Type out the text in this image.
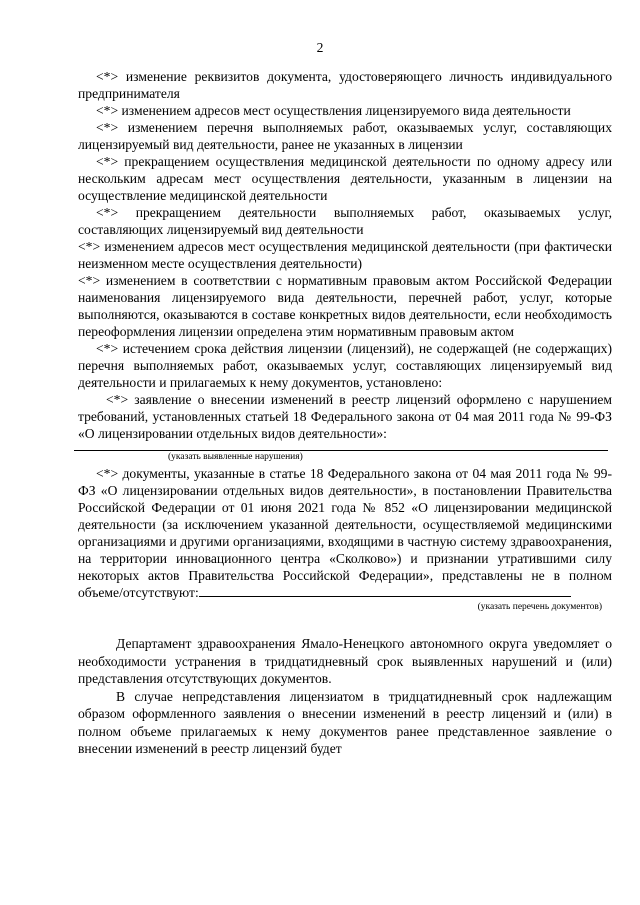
2

<*> изменение реквизитов документа, удостоверяющего личность индивидуального предпринимателя

<*> изменением адресов мест осуществления лицензируемого вида деятельности

<*> изменением перечня выполняемых работ, оказываемых услуг, составляющих лицензируемый вид деятельности, ранее не указанных в лицензии

<*> прекращением осуществления медицинской деятельности по одному адресу или нескольким адресам мест осуществления деятельности, указанным в лицензии на осуществление медицинской деятельности

<*> прекращением деятельности выполняемых работ, оказываемых услуг, составляющих лицензируемый вид деятельности

<*> изменением адресов мест осуществления медицинской деятельности (при фактически неизменном месте осуществления деятельности)

<*> изменением в соответствии с нормативным правовым актом Российской Федерации наименования лицензируемого вида деятельности, перечней работ, услуг, которые выполняются, оказываются в составе конкретных видов деятельности, если необходимость переоформления лицензии определена этим нормативным правовым актом

<*> истечением срока действия лицензии (лицензий), не содержащей (не содержащих) перечня выполняемых работ, оказываемых услуг, составляющих лицензируемый вид деятельности и прилагаемых к нему документов, установлено:

<*> заявление о внесении изменений в реестр лицензий оформлено с нарушением требований, установленных статьей 18 Федерального закона от 04 мая 2011 года № 99-ФЗ «О лицензировании отдельных видов деятельности»:

(указать выявленные нарушения)

<*> документы, указанные в статье 18 Федерального закона от 04 мая 2011 года № 99-ФЗ «О лицензировании отдельных видов деятельности», в постановлении Правительства Российской Федерации от 01 июня 2021 года № 852 «О лицензировании медицинской деятельности (за исключением указанной деятельности, осуществляемой медицинскими организациями и другими организациями, входящими в частную систему здравоохранения, на территории инновационного центра «Сколково») и признании утратившими силу некоторых актов Правительства Российской Федерации», представлены не в полном объеме/отсутствуют:

(указать перечень документов)

Департамент здравоохранения Ямало-Ненецкого автономного округа уведомляет о необходимости устранения в тридцатидневный срок выявленных нарушений и (или) представления отсутствующих документов.

В случае непредставления лицензиатом в тридцатидневный срок надлежащим образом оформленного заявления о внесении изменений в реестр лицензий и (или) в полном объеме прилагаемых к нему документов ранее представленное заявление о внесении изменений в реестр лицензий будет
